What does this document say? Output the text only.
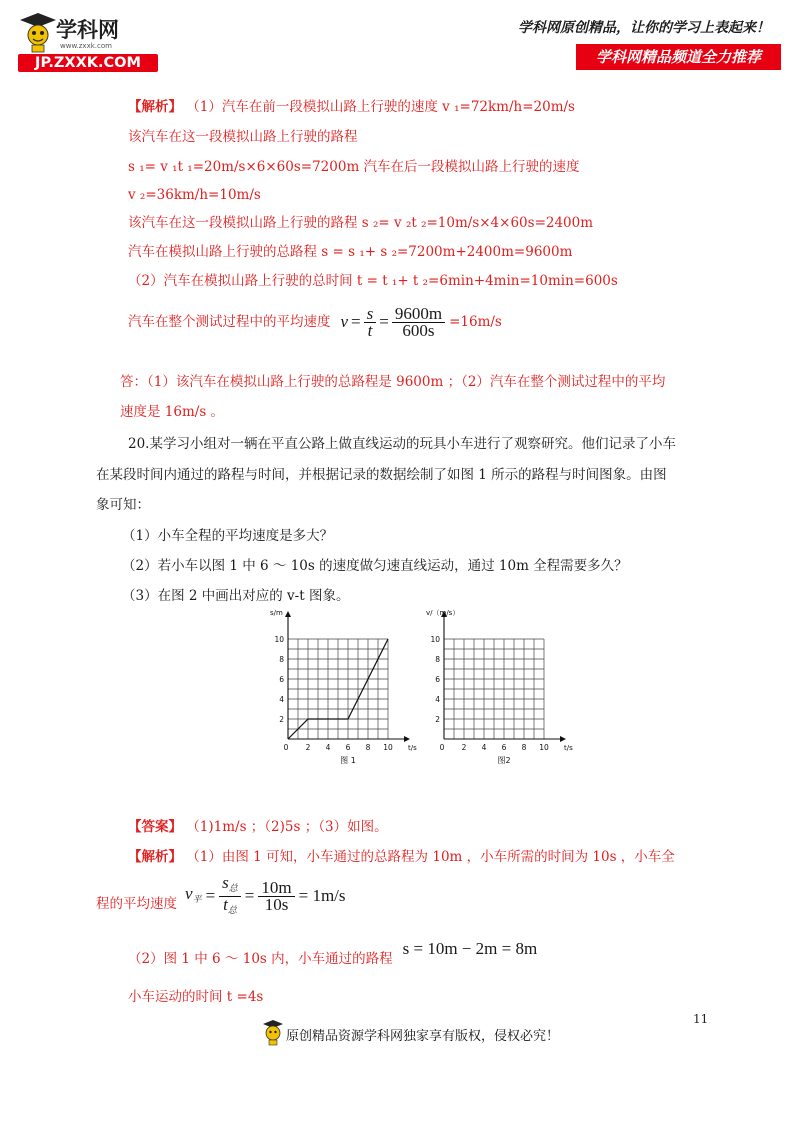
学科网
www.zxxk.com
JP.ZXXK.COM
学科网原创精品，让你的学习上表起来！
学科网精品频道全力推荐
【解析】 （1）汽车在前一段模拟山路上行驶的速度 v ₁=72km/h=20m/s
该汽车在这一段模拟山路上行驶的路程
s ₁= v ₁t ₁=20m/s×6×60s=7200m 汽车在后一段模拟山路上行驶的速度
v ₂=36km/h=10m/s
该汽车在这一段模拟山路上行驶的路程 s ₂= v ₂t ₂=10m/s×4×60s=2400m
汽车在模拟山路上行驶的总路程 s = s ₁+ s ₂=7200m+2400m=9600m
（2）汽车在模拟山路上行驶的总时间 t = t ₁+ t ₂=6min+4min=10min=600s
汽车在整个测试过程中的平均速度 $v = \frac{s}{t} = \frac{9600m}{600s} =16m/s$
答：（1）该汽车在模拟山路上行驶的总路程是 9600m ；（2）汽车在整个测试过程中的平均
速度是 16m/s 。
20.某学习小组对一辆在平直公路上做直线运动的玩具小车进行了观察研究。他们记录了小车
在某段时间内通过的路程与时间，并根据记录的数据绘制了如图 1 所示的路程与时间图象。由图
象可知：
（1）小车全程的平均速度是多大？
（2）若小车以图 1 中 6 ～ 10s 的速度做匀速直线运动，通过 10m 全程需要多久？
（3）在图 2 中画出对应的 v-t 图象。
0 2 4 6 8 10
2
4
6
8
10
s/m
t/s
图 1
0 2 4 6 8 10
2
4
6
8
10
v/（m/s）
t/s
图2
【答案】 （1)1m/s ；（2)5s ；（3）如图。
【解析】 （1）由图 1 可知，小车通过的总路程为 10m ，小车所需的时间为 10s ，小车全
程的平均速度
$v_平 = \frac{s_总}{t_总} = \frac{10m}{10s} = 1m/s$
（2）图 1 中 6 ～ 10s 内，小车通过的路程
s = 10m − 2m = 8m
小车运动的时间 t =4s
11
原创精品资源学科网独家享有版权，侵权必究！
